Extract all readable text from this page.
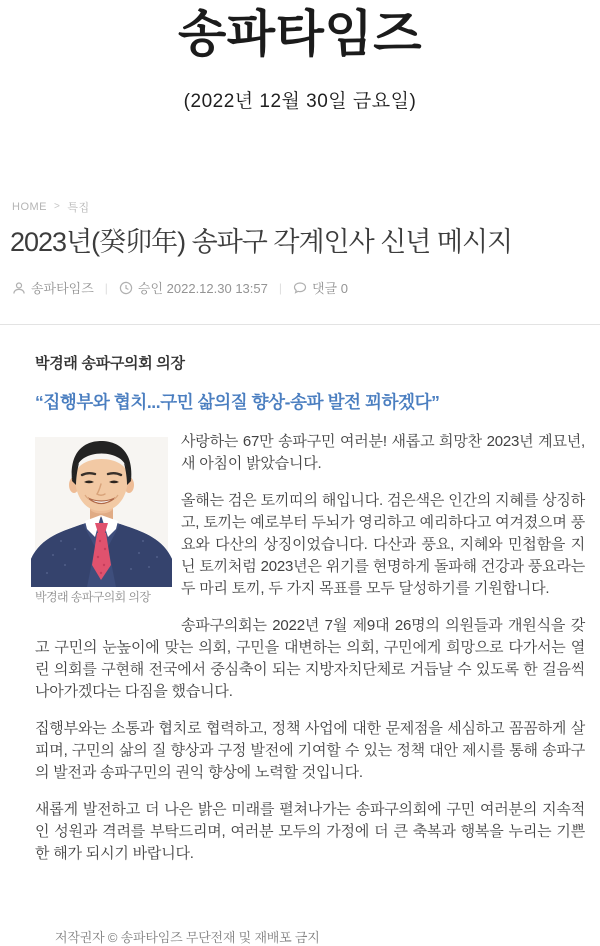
송파타임즈
(2022년 12월 30일 금요일)
HOME > 특집
2023년(癸卯年) 송파구 각계인사 신년 메시지
송파타임즈 | 승인 2022.12.30 13:57 | 댓글 0

박경래 송파구의회 의장

“집행부와 협치...구민 삶의질 향상-송파 발전 꾀하겠다”

박경래 송파구의회 의장

사랑하는 67만 송파구민 여러분! 새롭고 희망찬 2023년 계묘년, 새 아침이 밝았습니다.

올해는 검은 토끼띠의 해입니다. 검은색은 인간의 지혜를 상징하고, 토끼는 예로부터 두뇌가 영리하고 예리하다고 여겨졌으며 풍요와 다산의 상징이었습니다. 다산과 풍요, 지혜와 민첩함을 지닌 토끼처럼 2023년은 위기를 현명하게 돌파해 건강과 풍요라는 두 마리 토끼, 두 가지 목표를 모두 달성하기를 기원합니다.

송파구의회는 2022년 7월 제9대 26명의 의원들과 개원식을 갖고 구민의 눈높이에 맞는 의회, 구민을 대변하는 의회, 구민에게 희망으로 다가서는 열린 의회를 구현해 전국에서 중심축이 되는 지방자치단체로 거듭날 수 있도록 한 걸음씩 나아가겠다는 다짐을 했습니다.

집행부와는 소통과 협치로 협력하고, 정책 사업에 대한 문제점을 세심하고 꼼꼼하게 살피며, 구민의 삶의 질 향상과 구정 발전에 기여할 수 있는 정책 대안 제시를 통해 송파구의 발전과 송파구민의 권익 향상에 노력할 것입니다.

새롭게 발전하고 더 나은 밝은 미래를 펼쳐나가는 송파구의회에 구민 여러분의 지속적인 성원과 격려를 부탁드리며, 여러분 모두의 가정에 더 큰 축복과 행복을 누리는 기쁜 한 해가 되시기 바랍니다.

저작권자 © 송파타임즈 무단전재 및 재배포 금지
